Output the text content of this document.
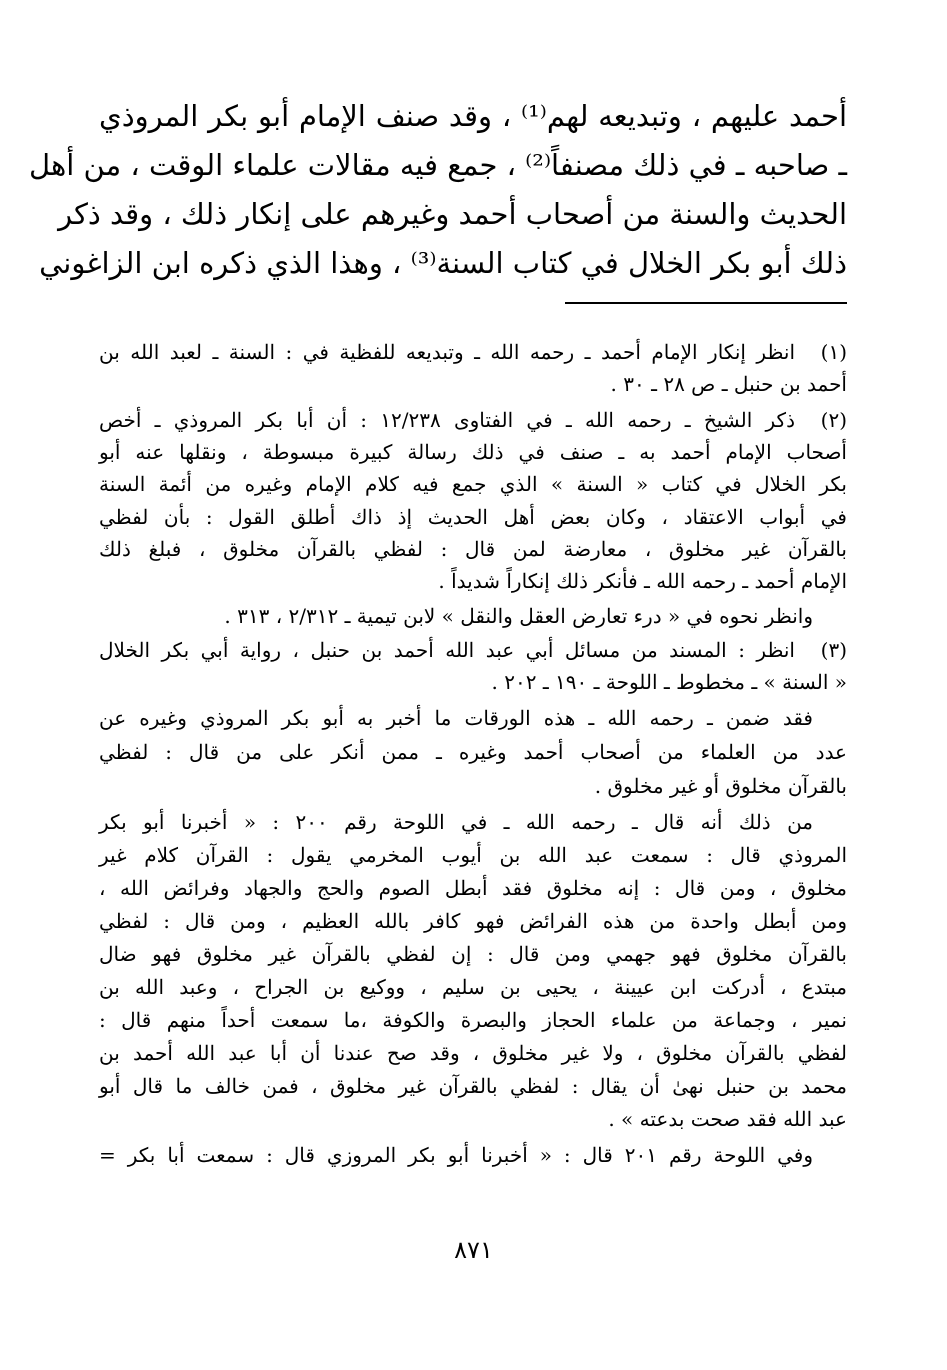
أحمد عليهم ، وتبديعه لهم⁽¹⁾ ، وقد صنف الإمام أبو بكر المروذي
ـ صاحبه ـ في ذلك مصنفاً⁽²⁾ ، جمع فيه مقالات علماء الوقت ، من أهل
الحديث والسنة من أصحاب أحمد وغيرهم على إنكار ذلك ، وقد ذكر
ذلك أبو بكر الخلال في كتاب السنة⁽³⁾ ، وهذا الذي ذكره ابن الزاغوني
(١)
انظر إنكار الإمام أحمد ـ رحمه الله ـ وتبديعه للفظية في : السنة ـ لعبد الله بن
أحمد بن حنبل ـ ص ٢٨ ـ ٣٠ .
(٢)
ذكر الشيخ ـ رحمه الله ـ في الفتاوى ١٢/٢٣٨ : أن أبا بكر المروذي ـ أخص
أصحاب الإمام أحمد به ـ صنف في ذلك رسالة كبيرة مبسوطة ، ونقلها عنه أبو
بكر الخلال في كتاب « السنة » الذي جمع فيه كلام الإمام وغيره من أئمة السنة
في أبواب الاعتقاد ، وكان بعض أهل الحديث إذ ذاك أطلق القول : بأن لفظي
بالقرآن غير مخلوق ، معارضة لمن قال : لفظي بالقرآن مخلوق ، فبلغ ذلك
الإمام أحمد ـ رحمه الله ـ فأنكر ذلك إنكاراً شديداً .
وانظر نحوه في « درء تعارض العقل والنقل » لابن تيمية ـ ٢/٣١٢ ، ٣١٣ .
(٣)
انظر : المسند من مسائل أبي عبد الله أحمد بن حنبل ، رواية أبي بكر الخلال
« السنة » ـ مخطوط ـ اللوحة ـ ١٩٠ ـ ٢٠٢ .
فقد ضمن ـ رحمه الله ـ هذه الورقات ما أخبر به أبو بكر المروذي وغيره عن
عدد من العلماء من أصحاب أحمد وغيره ـ ممن أنكر على من قال : لفظي
بالقرآن مخلوق أو غير مخلوق .
من ذلك أنه قال ـ رحمه الله ـ في اللوحة رقم ٢٠٠ : « أخبرنا أبو بكر
المروذي قال : سمعت عبد الله بن أيوب المخرمي يقول : القرآن كلام غير
مخلوق ، ومن قال : إنه مخلوق فقد أبطل الصوم والحج والجهاد وفرائض الله ،
ومن أبطل واحدة من هذه الفرائض فهو كافر بالله العظيم ، ومن قال : لفظي
بالقرآن مخلوق فهو جهمي ومن قال : إن لفظي بالقرآن غير مخلوق فهو ضال
مبتدع ، أدركت ابن عيينة ، يحيى بن سليم ، ووكيع بن الجراح ، وعبد الله بن
نمير ، وجماعة من علماء الحجاز والبصرة والكوفة ،ما سمعت أحداً منهم قال :
لفظي بالقرآن مخلوق ، ولا غير مخلوق ، وقد صح عندنا أن أبا عبد الله أحمد بن
محمد بن حنبل نهىٰ أن يقال : لفظي بالقرآن غير مخلوق ، فمن خالف ما قال أبو
عبد الله فقد صحت بدعته » .
وفي اللوحة رقم ٢٠١ قال : « أخبرنا أبو بكر المروزي قال : سمعت أبا بكر =
٨٧١
